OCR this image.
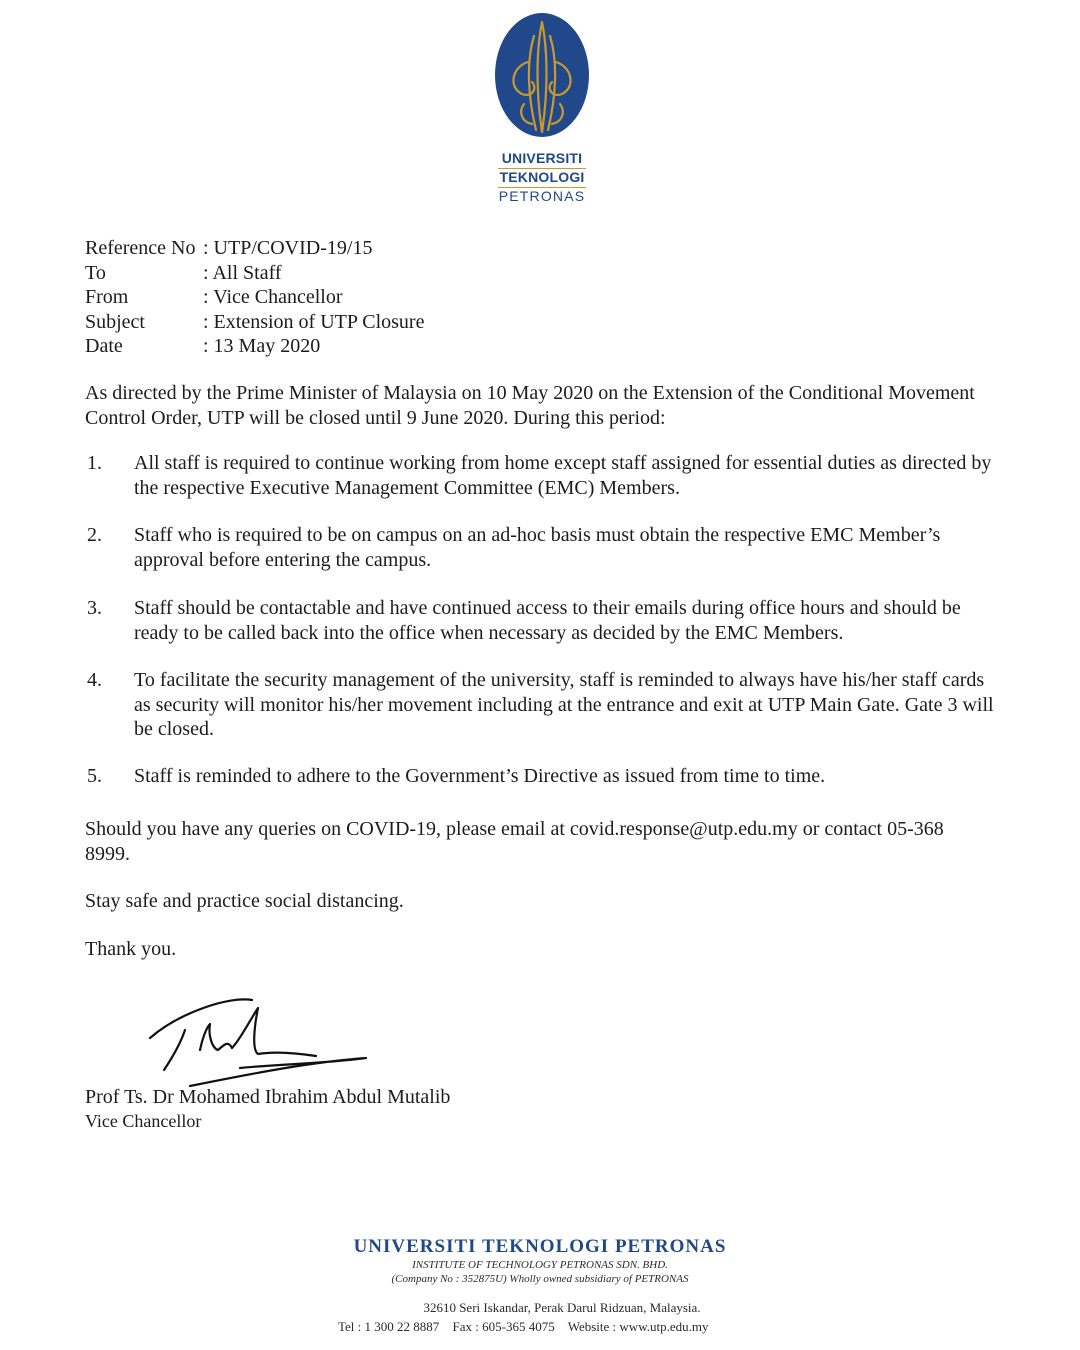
UNIVERSITI
TEKNOLOGI
PETRONAS
Reference No : UTP/COVID-19/15
To	: All Staff
From	: Vice Chancellor
Subject	: Extension of UTP Closure
Date	: 13 May 2020
As directed by the Prime Minister of Malaysia on 10 May 2020 on the Extension of the Conditional Movement Control Order, UTP will be closed until 9 June 2020. During this period:
1.	All staff is required to continue working from home except staff assigned for essential duties as directed by the respective Executive Management Committee (EMC) Members.
2.	Staff who is required to be on campus on an ad-hoc basis must obtain the respective EMC Member’s approval before entering the campus.
3.	Staff should be contactable and have continued access to their emails during office hours and should be ready to be called back into the office when necessary as decided by the EMC Members.
4.	To facilitate the security management of the university, staff is reminded to always have his/her staff cards as security will monitor his/her movement including at the entrance and exit at UTP Main Gate. Gate 3 will be closed.
5.	Staff is reminded to adhere to the Government’s Directive as issued from time to time.
Should you have any queries on COVID-19, please email at covid.response@utp.edu.my or contact 05-368 8999.
Stay safe and practice social distancing.
Thank you.
Prof Ts. Dr Mohamed Ibrahim Abdul Mutalib
Vice Chancellor
UNIVERSITI TEKNOLOGI PETRONAS
INSTITUTE OF TECHNOLOGY PETRONAS SDN. BHD.
(Company No : 352875U) Wholly owned subsidiary of PETRONAS
32610 Seri Iskandar, Perak Darul Ridzuan, Malaysia.
Tel : 1 300 22 8887 Fax : 605-365 4075 Website : www.utp.edu.my
